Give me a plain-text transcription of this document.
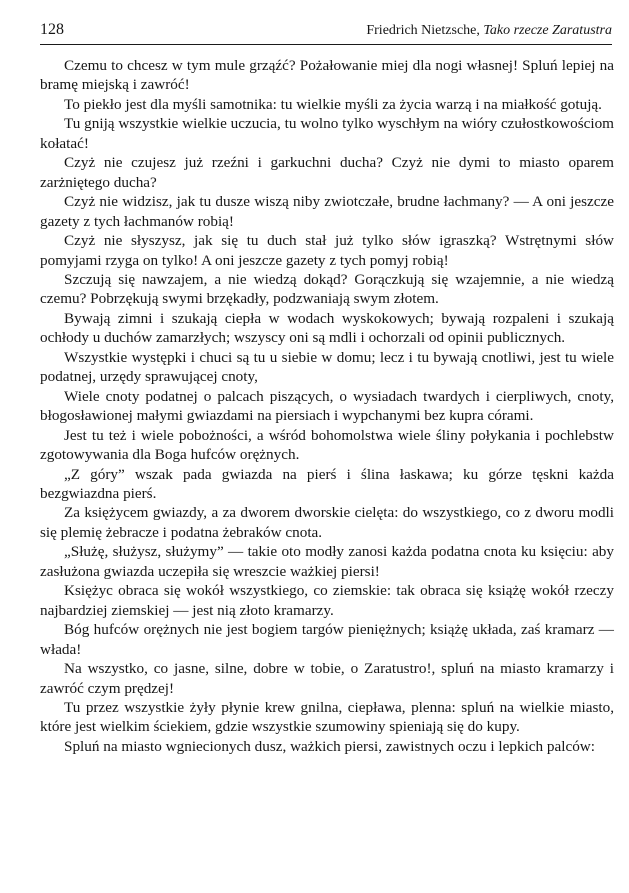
128	Friedrich Nietzsche, Tako rzecze Zaratustra

Czemu to chcesz w tym mule grząźć? Pożałowanie miej dla nogi własnej! Spluń lepiej na bramę miejską i zawróć!

To piekło jest dla myśli samotnika: tu wielkie myśli za życia warzą i na miałkość gotują.

Tu gniją wszystkie wielkie uczucia, tu wolno tylko wyschłym na wióry czułostkowościom kołatać!

Czyż nie czujesz już rzeźni i garkuchni ducha? Czyż nie dymi to miasto oparem zarżniętego ducha?

Czyż nie widzisz, jak tu dusze wiszą niby zwiotczałe, brudne łachmany? — A oni jeszcze gazety z tych łachmanów robią!

Czyż nie słyszysz, jak się tu duch stał już tylko słów igraszką? Wstrętnymi słów pomyjami rzyga on tylko! A oni jeszcze gazety z tych pomyj robią!

Szczują się nawzajem, a nie wiedzą dokąd? Gorączkują się wzajemnie, a nie wiedzą czemu? Pobrzękują swymi brzękadły, podzwaniają swym złotem.

Bywają zimni i szukają ciepła w wodach wyskokowych; bywają rozpaleni i szukają ochłody u duchów zamarzłych; wszyscy oni są mdli i ochorzali od opinii publicznych.

Wszystkie występki i chuci są tu u siebie w domu; lecz i tu bywają cnotliwi, jest tu wiele podatnej, urzędy sprawującej cnoty,

Wiele cnoty podatnej o palcach piszących, o wysiadach twardych i cierpliwych, cnoty, błogosławionej małymi gwiazdami na piersiach i wypchanymi bez kupra córami.

Jest tu też i wiele pobożności, a wśród bohomolstwa wiele śliny połykania i pochlebstw zgotowywania dla Boga hufców orężnych.

„Z góry” wszak pada gwiazda na pierś i ślina łaskawa; ku górze tęskni każda bezgwiazdna pierś.

Za księżycem gwiazdy, a za dworem dworskie cielęta: do wszystkiego, co z dworu modli się plemię żebracze i podatna żebraków cnota.

„Służę, służysz, służymy” — takie oto modły zanosi każda podatna cnota ku księciu: aby zasłużona gwiazda uczepiła się wreszcie ważkiej piersi!

Księżyc obraca się wokół wszystkiego, co ziemskie: tak obraca się książę wokół rzeczy najbardziej ziemskiej — jest nią złoto kramarzy.

Bóg hufców orężnych nie jest bogiem targów pieniężnych; książę układa, zaś kramarz — włada!

Na wszystko, co jasne, silne, dobre w tobie, o Zaratustro!, spluń na miasto kramarzy i zawróć czym prędzej!

Tu przez wszystkie żyły płynie krew gnilna, ciepława, plenna: spluń na wielkie miasto, które jest wielkim ściekiem, gdzie wszystkie szumowiny spieniają się do kupy.

Spluń na miasto wgniecionych dusz, ważkich piersi, zawistnych oczu i lepkich palców:
